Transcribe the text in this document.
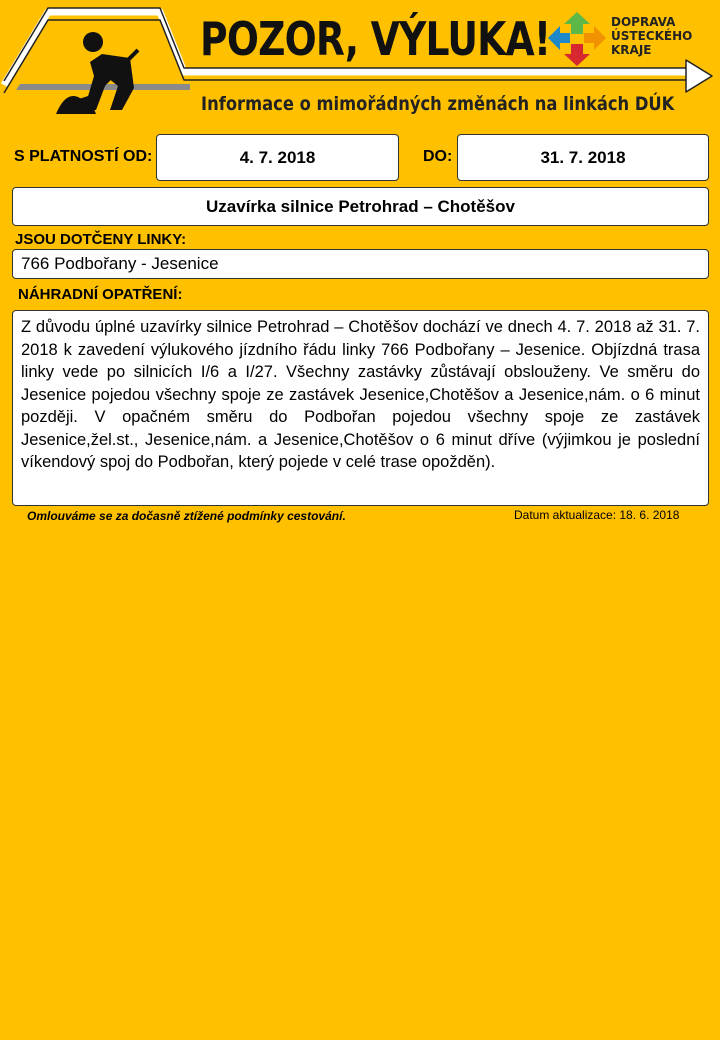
POZOR, VÝLUKA!
Informace o mimořádných změnách na linkách DÚK
DOPRAVA
ÚSTECKÉHO
KRAJE
S PLATNOSTÍ OD:	4. 7. 2018	DO:	31. 7. 2018
Uzavírka silnice Petrohrad – Chotěšov
JSOU DOTČENY LINKY:
766 Podbořany - Jesenice
NÁHRADNÍ OPATŘENÍ:
Z důvodu úplné uzavírky silnice Petrohrad – Chotěšov dochází ve dnech 4. 7. 2018 až 31. 7. 2018 k zavedení výlukového jízdního řádu linky 766 Podbořany – Jesenice. Objízdná trasa linky vede po silnicích I/6 a I/27. Všechny zastávky zůstávají obslouženy. Ve směru do Jesenice pojedou všechny spoje ze zastávek Jesenice,Chotěšov a Jesenice,nám. o 6 minut později. V opačném směru do Podbořan pojedou všechny spoje ze zastávek Jesenice,žel.st., Jesenice,nám. a Jesenice,Chotěšov o 6 minut dříve (výjimkou je poslední víkendový spoj do Podbořan, který pojede v celé trase opožděn).
Omlouváme se za dočasně ztížené podmínky cestování.	Datum aktualizace: 18. 6. 2018
